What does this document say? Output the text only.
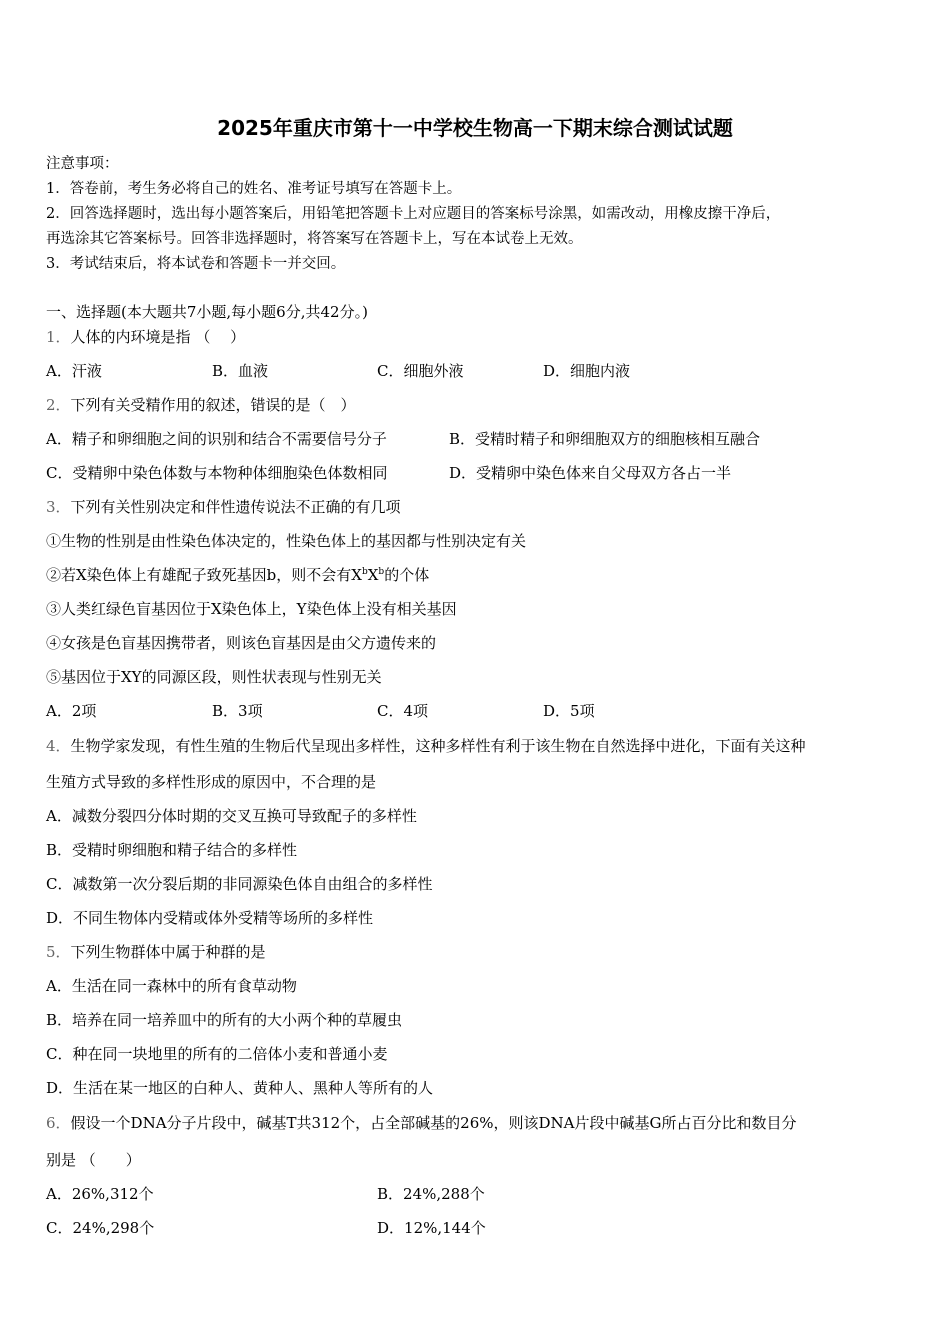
2025年重庆市第十一中学校生物高一下期末综合测试试题
注意事项：
1．答卷前，考生务必将自己的姓名、准考证号填写在答题卡上。
2．回答选择题时，选出每小题答案后，用铅笔把答题卡上对应题目的答案标号涂黑，如需改动，用橡皮擦干净后，
再选涂其它答案标号。回答非选择题时，将答案写在答题卡上，写在本试卷上无效。
3．考试结束后，将本试卷和答题卡一并交回。
一、选择题(本大题共7小题,每小题6分,共42分。)
1．人体的内环境是指 （　 ）
A．汗液	B．血液	C．细胞外液	D．细胞内液
2．下列有关受精作用的叙述，错误的是（　）
A．精子和卵细胞之间的识别和结合不需要信号分子	B．受精时精子和卵细胞双方的细胞核相互融合
C．受精卵中染色体数与本物种体细胞染色体数相同	D．受精卵中染色体来自父母双方各占一半
3．下列有关性别决定和伴性遗传说法不正确的有几项
①生物的性别是由性染色体决定的，性染色体上的基因都与性别决定有关
②若X染色体上有雄配子致死基因b，则不会有$X^bX^b$的个体
③人类红绿色盲基因位于X染色体上，Y染色体上没有相关基因
④女孩是色盲基因携带者，则该色盲基因是由父方遗传来的
⑤基因位于XY的同源区段，则性状表现与性别无关
A．2项	B．3项	C．4项	D．5项
4．生物学家发现，有性生殖的生物后代呈现出多样性，这种多样性有利于该生物在自然选择中进化，下面有关这种
生殖方式导致的多样性形成的原因中，不合理的是
A．减数分裂四分体时期的交叉互换可导致配子的多样性
B．受精时卵细胞和精子结合的多样性
C．减数第一次分裂后期的非同源染色体自由组合的多样性
D．不同生物体内受精或体外受精等场所的多样性
5．下列生物群体中属于种群的是
A．生活在同一森林中的所有食草动物
B．培养在同一培养皿中的所有的大小两个种的草履虫
C．种在同一块地里的所有的二倍体小麦和普通小麦
D．生活在某一地区的白种人、黄种人、黑种人等所有的人
6．假设一个DNA分子片段中，碱基T共312个，占全部碱基的26%，则该DNA片段中碱基G所占百分比和数目分
别是 （　　）
A．26%,312个	B．24%,288个
C．24%,298个	D．12%,144个
